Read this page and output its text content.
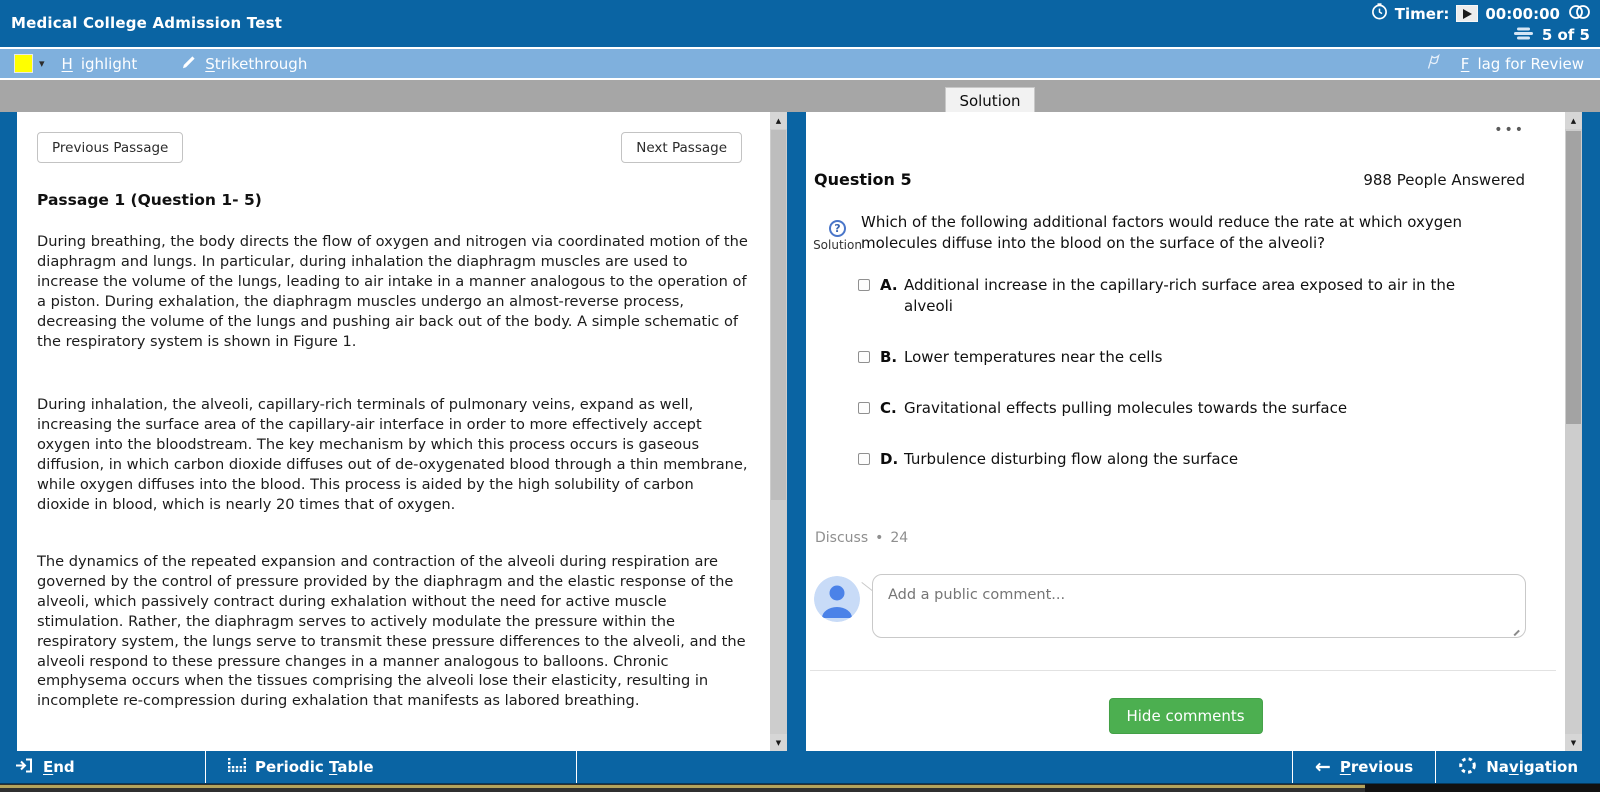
Medical College Admission Test
Timer: 00:00:00
5 of 5
▾ H ighlight	Strikethrough	F lag for Review
Solution
Previous Passage	Next Passage
Passage 1 (Question 1- 5)
During breathing, the body directs the flow of oxygen and nitrogen via coordinated motion of the diaphragm and lungs. In particular, during inhalation the diaphragm muscles are used to increase the volume of the lungs, leading to air intake in a manner analogous to the operation of a piston. During exhalation, the diaphragm muscles undergo an almost-reverse process, decreasing the volume of the lungs and pushing air back out of the body. A simple schematic of the respiratory system is shown in Figure 1.
During inhalation, the alveoli, capillary-rich terminals of pulmonary veins, expand as well, increasing the surface area of the capillary-air interface in order to more effectively accept oxygen into the bloodstream. The key mechanism by which this process occurs is gaseous diffusion, in which carbon dioxide diffuses out of de-oxygenated blood through a thin membrane, while oxygen diffuses into the blood. This process is aided by the high solubility of carbon dioxide in blood, which is nearly 20 times that of oxygen.
The dynamics of the repeated expansion and contraction of the alveoli during respiration are governed by the control of pressure provided by the diaphragm and the elastic response of the alveoli, which passively contract during exhalation without the need for active muscle stimulation. Rather, the diaphragm serves to actively modulate the pressure within the respiratory system, the lungs serve to transmit these pressure differences to the alveoli, and the alveoli respond to these pressure changes in a manner analogous to balloons. Chronic emphysema occurs when the tissues comprising the alveoli lose their elasticity, resulting in incomplete re-compression during exhalation that manifests as labored breathing.
▲
▼
•••
Question 5	988 People Answered
?
Solution
Which of the following additional factors would reduce the rate at which oxygen molecules diffuse into the blood on the surface of the alveoli?
A. Additional increase in the capillary-rich surface area exposed to air in the alveoli
B. Lower temperatures near the cells
C. Gravitational effects pulling molecules towards the surface
D. Turbulence disturbing flow along the surface
Discuss • 24
Add a public comment...
Hide comments
▲
▼
End	Periodic Table	← Previous	Navigation
